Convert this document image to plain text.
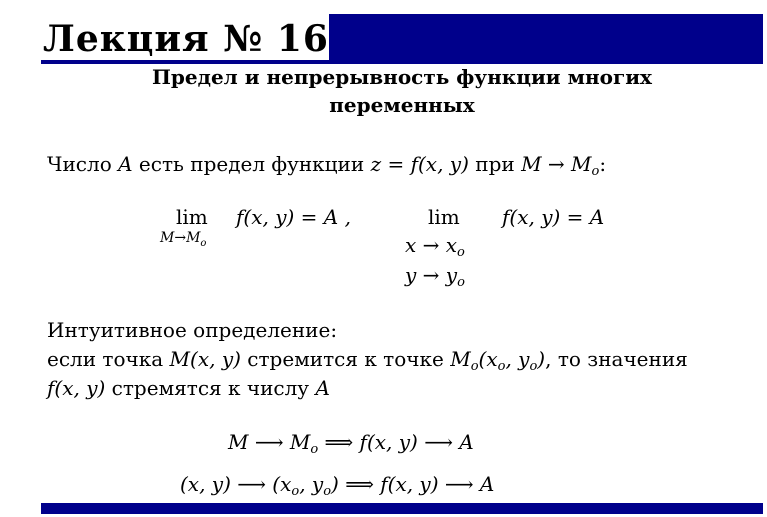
Лекция № 16
Предел и непрерывность функции многих
переменных
Число A есть предел функции z = f(x, y) при $M \to M_o$:
lim
$M\to M_o$
f(x, y) = A ,	lim f(x, y) = A
$x \to x_o$
$y \to y_o$
Интуитивное определение:
если точка M(x, y) стремится к точке $M_o(x_o$, $y_o$), то значения
f(x, y) стремятся к числу A
M ⟶ $M_o$ ⟹ f(x, y) ⟶ A
(x, y) ⟶ ($x_o$, $y_o$) ⟹ f(x, y) ⟶ A
